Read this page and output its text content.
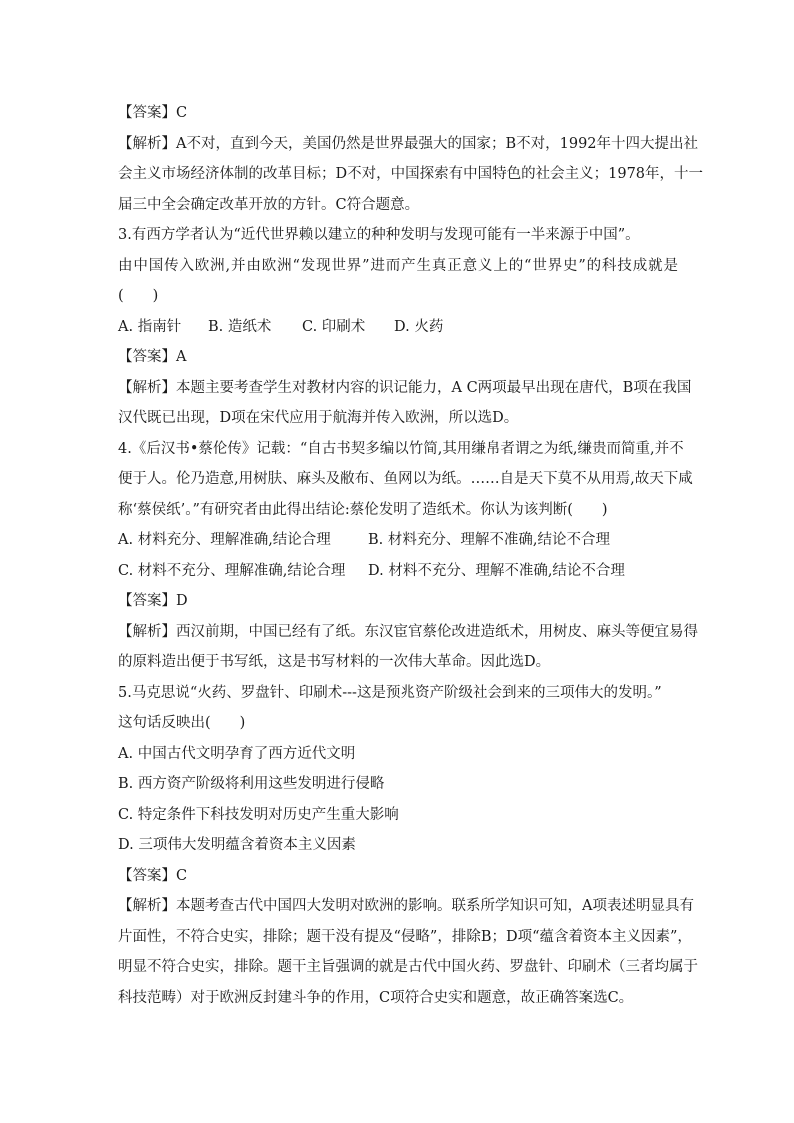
【答案】C
【解析】A不对，直到今天，美国仍然是世界最强大的国家；B不对，1992年十四大提出社
会主义市场经济体制的改革目标；D不对，中国探索有中国特色的社会主义；1978年，十一
届三中全会确定改革开放的方针。C符合题意。
3.有西方学者认为“近代世界赖以建立的种种发明与发现可能有一半来源于中国”。
由中国传入欧洲,并由欧洲“发现世界”进而产生真正意义上的“世界史”的科技成就是
(　　)
A. 指南针 B. 造纸术 C. 印刷术 D. 火药
【答案】A
【解析】本题主要考查学生对教材内容的识记能力，A C两项最早出现在唐代，B项在我国
汉代既已出现，D项在宋代应用于航海并传入欧洲，所以选D。
4.《后汉书•蔡伦传》记载：“自古书契多编以竹简,其用缣帛者谓之为纸,缣贵而简重,并不
便于人。伦乃造意,用树肤、麻头及敝布、鱼网以为纸。……自是天下莫不从用焉,故天下咸
称‘蔡侯纸’。”有研究者由此得出结论:蔡伦发明了造纸术。你认为该判断(　　)
A. 材料充分、理解准确,结论合理	B. 材料充分、理解不准确,结论不合理
C. 材料不充分、理解准确,结论合理 D. 材料不充分、理解不准确,结论不合理
【答案】D
【解析】西汉前期，中国已经有了纸。东汉宦官蔡伦改进造纸术，用树皮、麻头等便宜易得
的原料造出便于书写纸，这是书写材料的一次伟大革命。因此选D。
5.马克思说“火药、罗盘针、印刷术---这是预兆资产阶级社会到来的三项伟大的发明。”
这句话反映出(　　)
A. 中国古代文明孕育了西方近代文明
B. 西方资产阶级将利用这些发明进行侵略
C. 特定条件下科技发明对历史产生重大影响
D. 三项伟大发明蕴含着资本主义因素
【答案】C
【解析】本题考查古代中国四大发明对欧洲的影响。联系所学知识可知，A项表述明显具有
片面性，不符合史实，排除；题干没有提及“侵略”，排除B；D项“蕴含着资本主义因素”，
明显不符合史实，排除。题干主旨强调的就是古代中国火药、罗盘针、印刷术（三者均属于
科技范畴）对于欧洲反封建斗争的作用，C项符合史实和题意，故正确答案选C。
